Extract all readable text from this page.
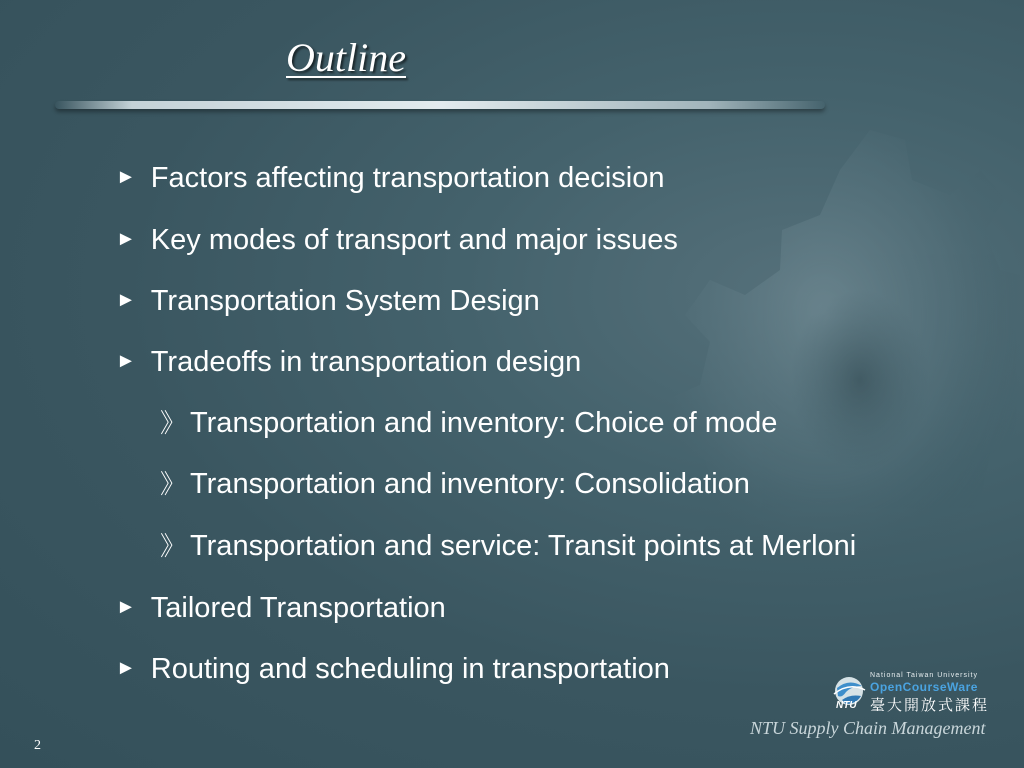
Outline
► Factors affecting transportation decision
► Key modes of transport and major issues
► Transportation System Design
► Tradeoffs in transportation design
》 Transportation and inventory: Choice of mode
》 Transportation and inventory: Consolidation
》 Transportation and service: Transit points at Merloni
► Tailored Transportation
► Routing and scheduling in transportation
NTU
National Taiwan University
OpenCourseWare
臺大開放式課程
NTU Supply Chain Management
2
